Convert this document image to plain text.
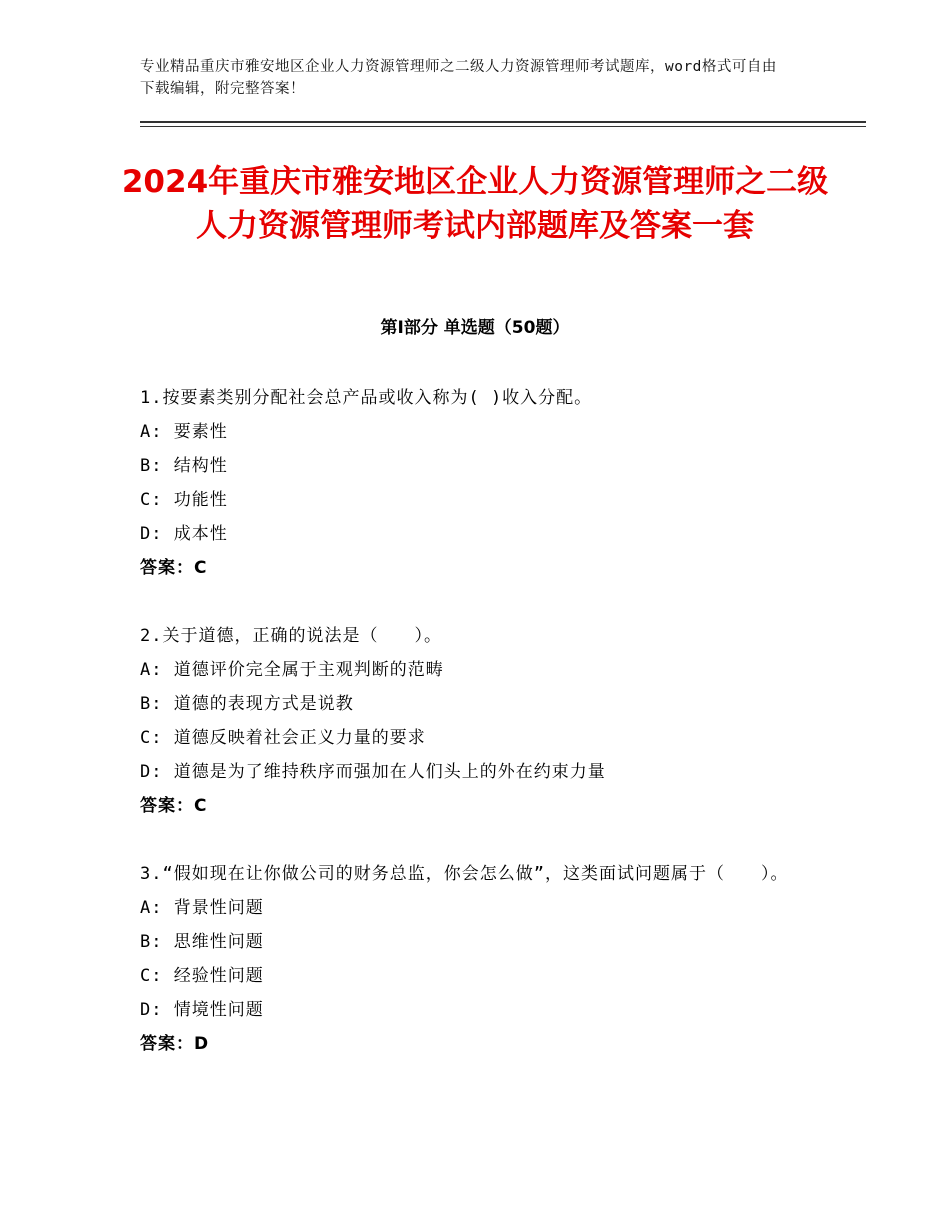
专业精品重庆市雅安地区企业人力资源管理师之二级人力资源管理师考试题库，word格式可自由下载编辑，附完整答案！
2024年重庆市雅安地区企业人力资源管理师之二级人力资源管理师考试内部题库及答案一套
第Ⅰ部分 单选题（50题）
1.按要素类别分配社会总产品或收入称为( )收入分配。
A: 要素性
B: 结构性
C: 功能性
D: 成本性
答案：C
2.关于道德，正确的说法是（　　）。
A: 道德评价完全属于主观判断的范畴
B: 道德的表现方式是说教
C: 道德反映着社会正义力量的要求
D: 道德是为了维持秩序而强加在人们头上的外在约束力量
答案：C
3.“假如现在让你做公司的财务总监，你会怎么做”，这类面试问题属于（　　）。
A: 背景性问题
B: 思维性问题
C: 经验性问题
D: 情境性问题
答案：D
